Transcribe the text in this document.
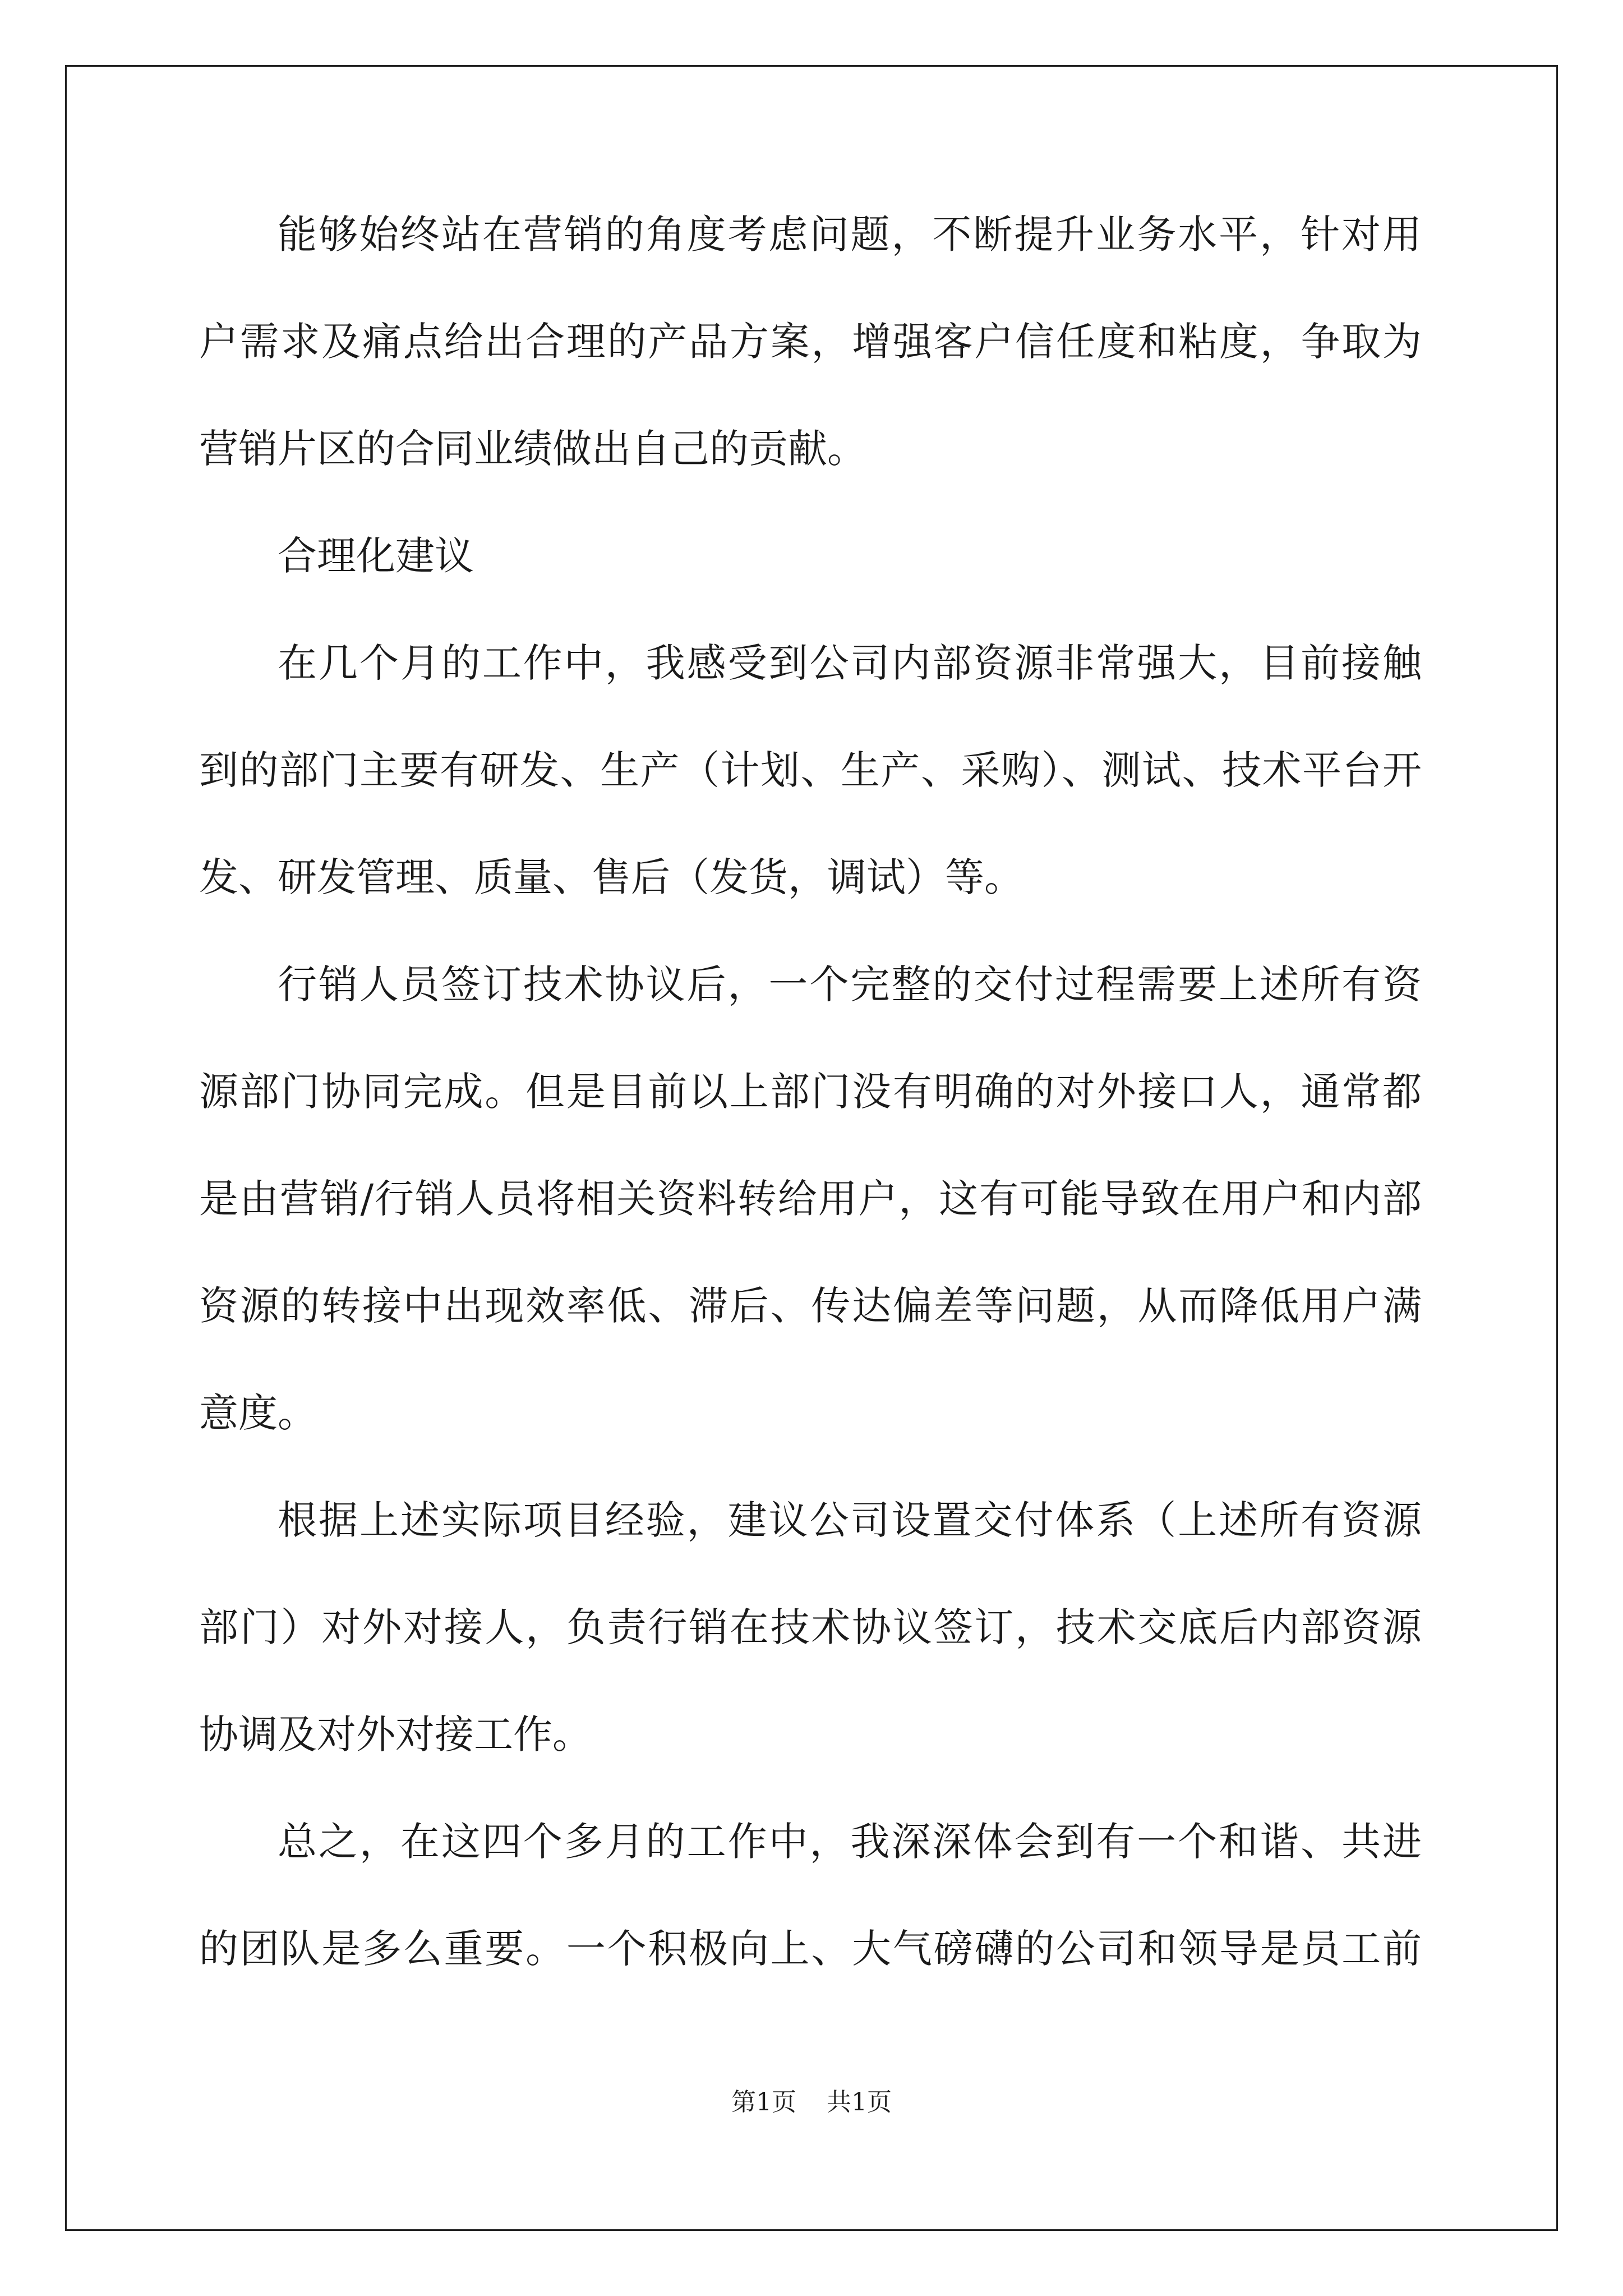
能够始终站在营销的角度考虑问题，不断提升业务水平，针对用
户需求及痛点给出合理的产品方案，增强客户信任度和粘度，争取为
营销片区的合同业绩做出自己的贡献。
合理化建议
在几个月的工作中，我感受到公司内部资源非常强大，目前接触
到的部门主要有研发、生产（计划、生产、采购）、测试、技术平台开
发、研发管理、质量、售后（发货，调试）等。
行销人员签订技术协议后，一个完整的交付过程需要上述所有资
源部门协同完成。但是目前以上部门没有明确的对外接口人，通常都
是由营销/行销人员将相关资料转给用户，这有可能导致在用户和内部
资源的转接中出现效率低、滞后、传达偏差等问题，从而降低用户满
意度。
根据上述实际项目经验，建议公司设置交付体系（上述所有资源
部门）对外对接人，负责行销在技术协议签订，技术交底后内部资源
协调及对外对接工作。
总之，在这四个多月的工作中，我深深体会到有一个和谐、共进
的团队是多么重要。一个积极向上、大气磅礴的公司和领导是员工前
第1页 共1页
